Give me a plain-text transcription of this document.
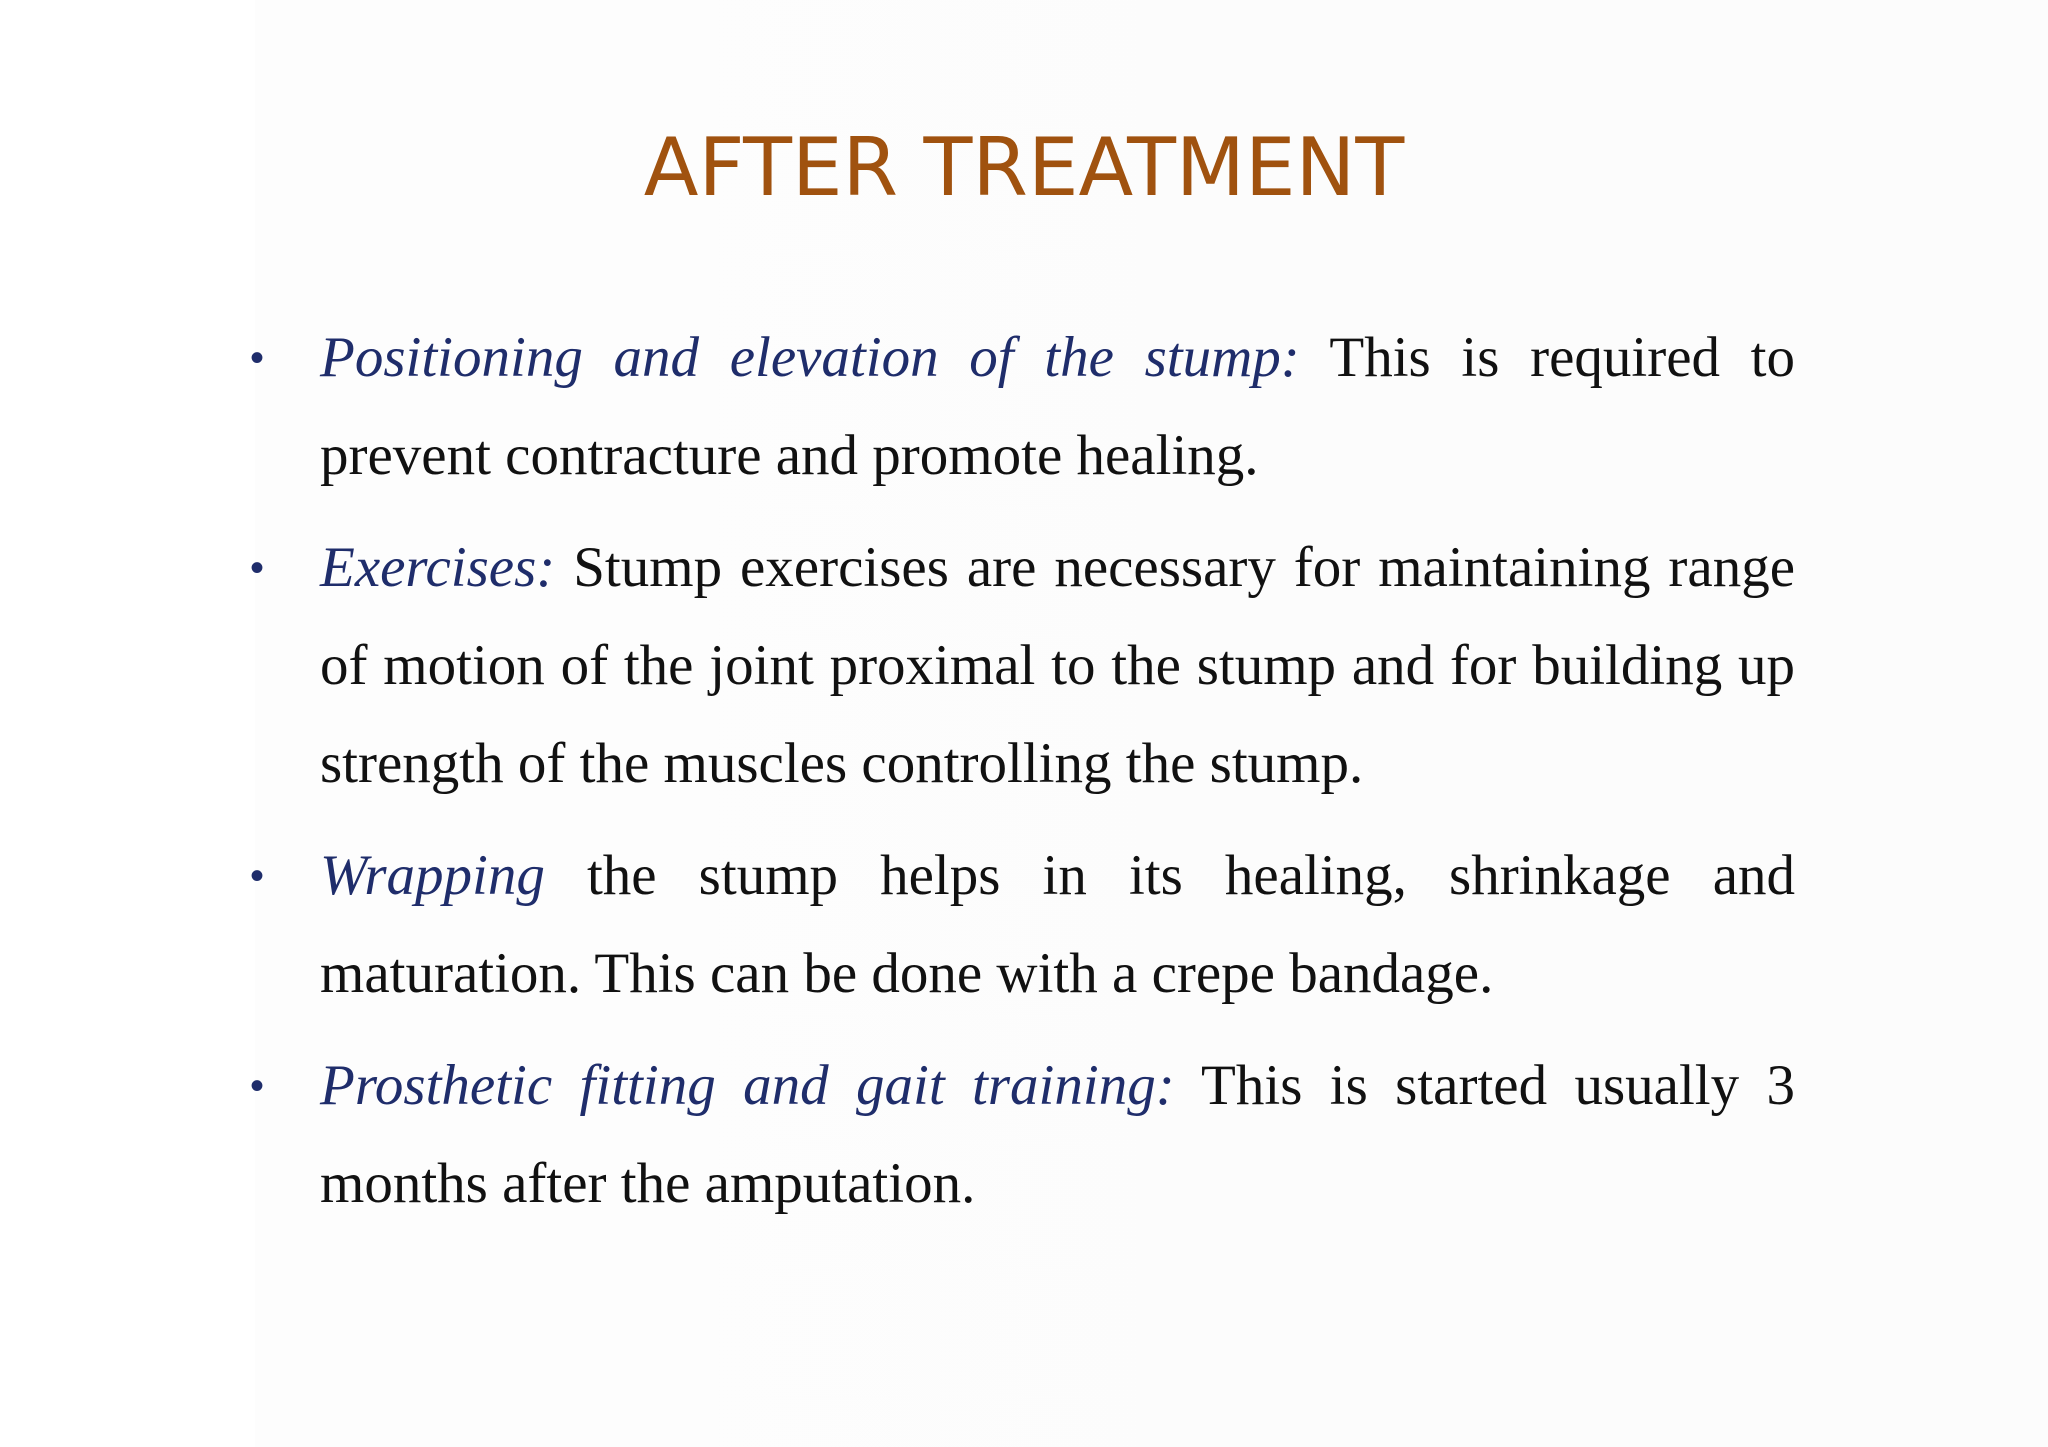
AFTER TREATMENT
• Positioning and elevation of the stump: This is required to prevent contracture and promote healing.
• Exercises: Stump exercises are necessary for maintaining range of motion of the joint proximal to the stump and for building up strength of the muscles controlling the stump.
• Wrapping the stump helps in its healing, shrinkage and maturation. This can be done with a crepe bandage.
• Prosthetic fitting and gait training: This is started usually 3 months after the amputation.
